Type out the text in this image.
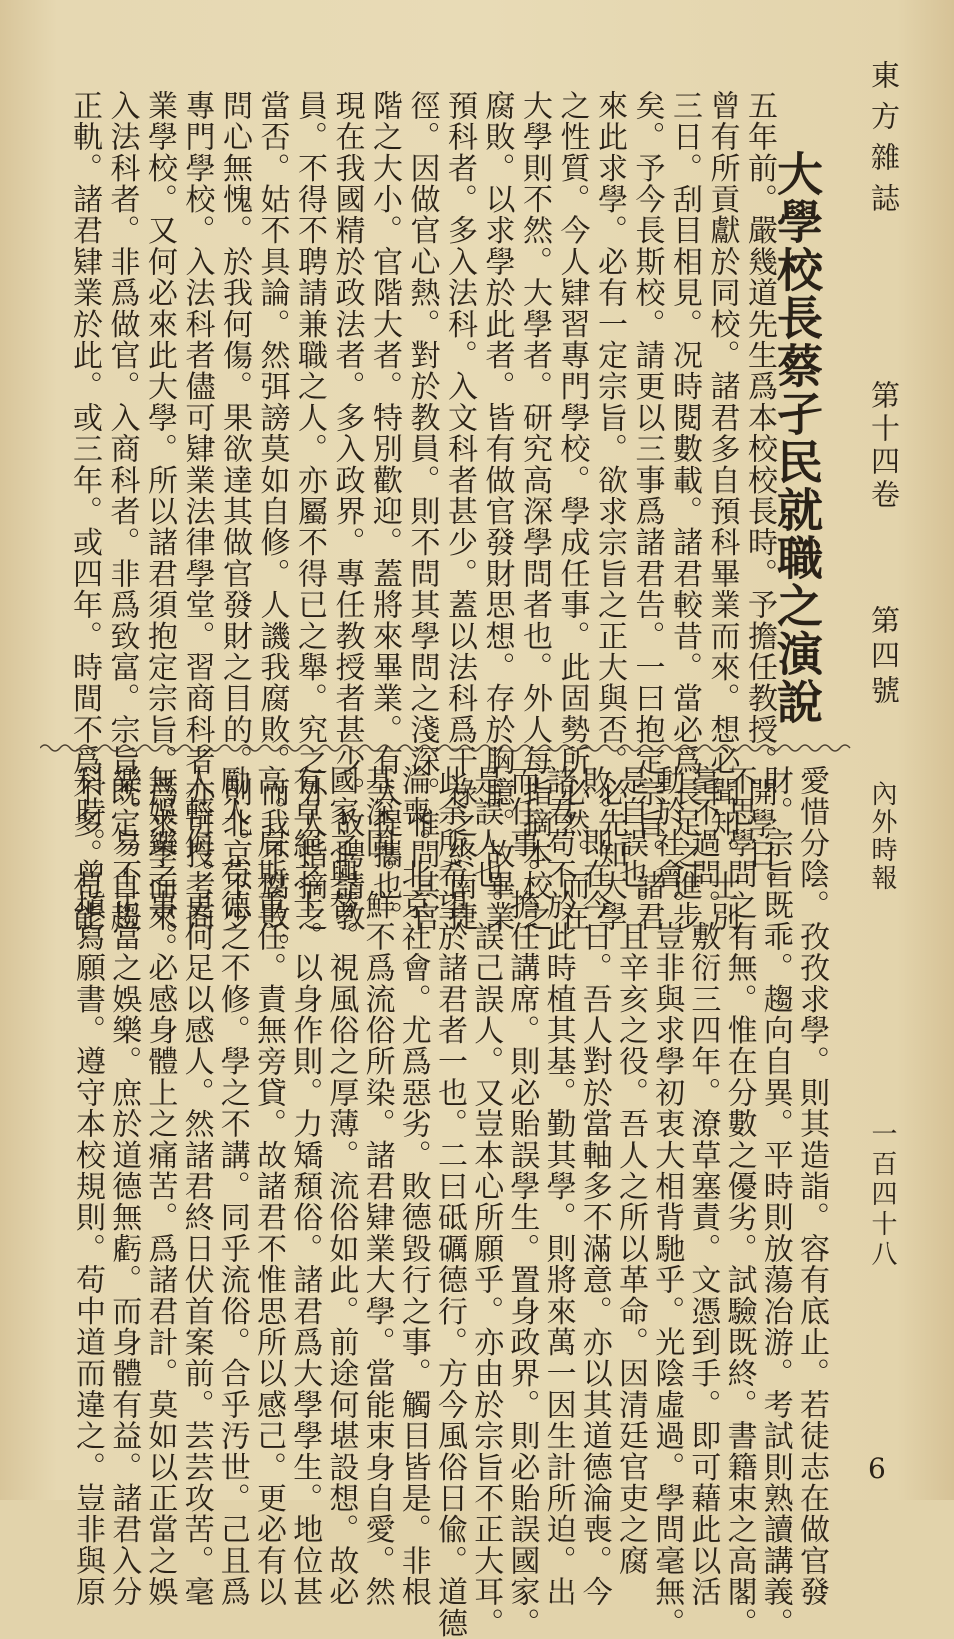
東方雜誌
第十四卷
第四號
內外時報
一百四十八
6
大學校長蔡孑民就職之演說
五年前。嚴幾道先生爲本校校長時。予擔任教授。開學日。
曾有所貢獻於同校。諸君多自預科畢業而來。想必聞知。士別
三日。刮目相見。况時閱數載。諸君較昔。當必爲長足之進步
矣。予今長斯校。請更以三事爲諸君告。一曰抱定宗旨。諸君
來此求學。必有一定宗旨。欲求宗旨之正大與否。必先知大學
之性質。今人肄習專門學校。學成任事。此固勢所必然。而在
大學則不然。大學者。研究高深學問者也。外人每指摘本校之
腐敗。以求學於此者。皆有做官發財思想。存於胸臆。故畢業
預科者。多入法科。入文科者甚少。蓋以法科爲干祿之終南捷
徑。因做官心熱。對於教員。則不問其學問之淺深。惟問其官
階之大小。官階大者。特別歡迎。蓋將來畢業。有人提攜也。
現在我國精於政法者。多入政界。專任教授者甚少。故聘請教
員。不得不聘請兼職之人。亦屬不得已之舉。究之外人指摘之
當否。姑不具論。然弭謗莫如自修。人譏我腐敗。而我不腐敗。
問心無愧。於我何傷。果欲達其做官發財之目的。則北京不少
專門學校。入法科者儘可肄業法律學堂。習商科者亦可投考商
業學校。又何必來此大學。所以諸君須抱定宗旨。爲求學而來。
入法科者。非爲做官。入商科者。非爲致富。宗旨既定。自趨
正軌。諸君肄業於此。或三年。或四年。時間不爲不多。苟能
愛惜分陰。孜孜求學。則其造詣。容有底止。若徒志在做官發
財。宗旨既乖。趨向自異。平時則放蕩冶游。考試則熟讀講義。
不思學問之有無。惟在分數之優劣。試驗既終。書籍束之高閣。
毫不過問。敷衍三四年。潦草塞責。文憑到手。即可藉此以活
動於社會。豈非與求學初衷大相背馳乎。光陰虛過。學問毫無。
是自誤也。且辛亥之役。吾人之所以革命。因清廷官吏之腐
敗。即在今日。吾人對於當軸多不滿意。亦以其道德淪喪。今
諸君苟不於此時植其基。勤其學。則將來萬一因生計所迫。出
而任事。擔任講席。則必貽誤學生。置身政界。則必貽誤國家。
是誤人也。誤己誤人。又豈本心所願乎。亦由於宗旨不正大耳。
此余所希望於諸君者一也。二曰砥礪德行。方今風俗日偸。道德
淪喪。北京社會。尤爲惡劣。敗德毀行之事。觸目皆是。非根
基深固。鮮不爲流俗所染。諸君肄業大學。當能束身自愛。然
國家之興替。視風俗之厚薄。流俗如此。前途何堪設想。故必
有卓絕之士。以身作則。力矯頹俗。諸君爲大學學生。地位甚
高。肩斯重任。責無旁貸。故諸君不惟思所以感己。更必有以
勵人。苟德之不修。學之不講。同乎流俗。合乎汚世。己且爲
人輕侮。更何足以感人。然諸君終日伏首案前。芸芸攻苦。毫
無娛樂之事。必感身體上之痛苦。爲諸君計。莫如以正當之娛
樂。易不正當之娛樂。庶於道德無虧。而身體有益。諸君入分
科時。曾塡寫願書。遵守本校規則。苟中道而違之。豈非與原
